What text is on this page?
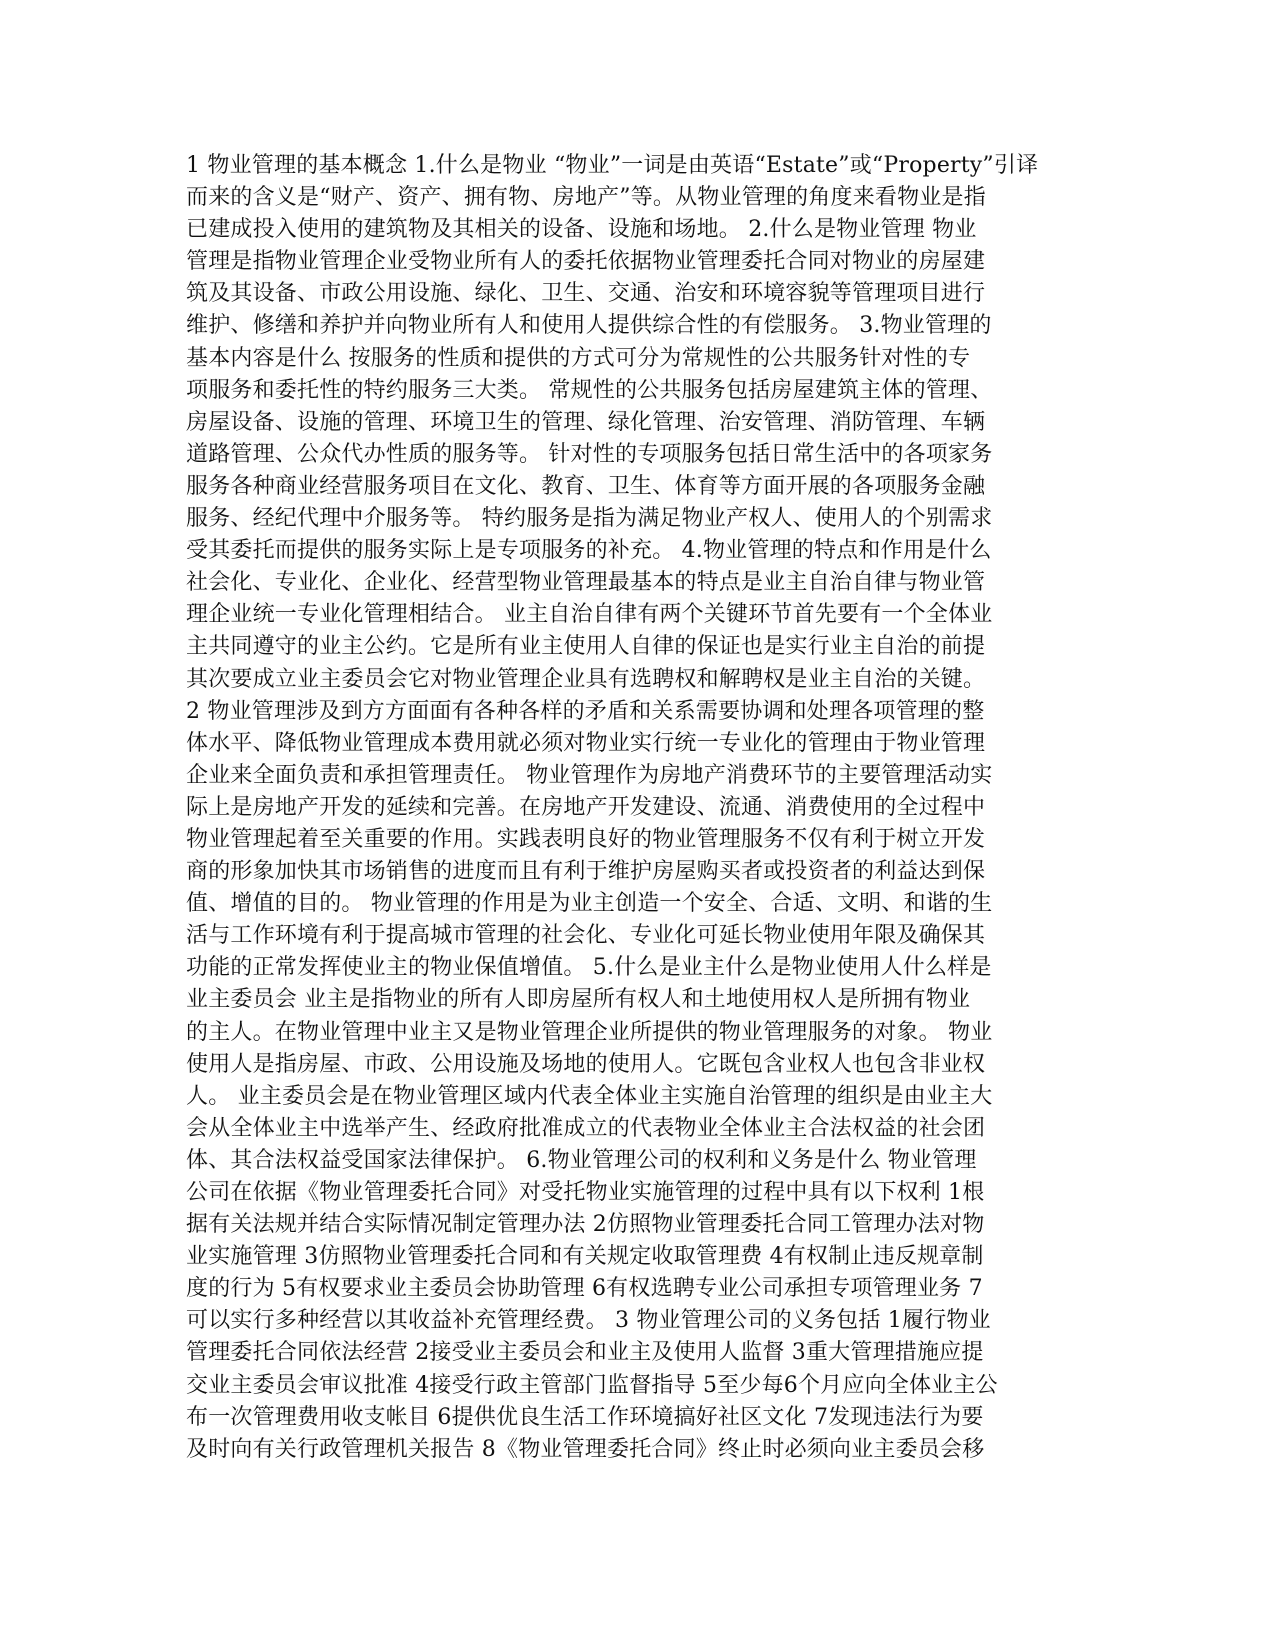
1 物业管理的基本概念 1.什么是物业 “物业”一词是由英语“Estate”或“Property”引译
而来的含义是“财产、资产、拥有物、房地产”等。从物业管理的角度来看物业是指
已建成投入使用的建筑物及其相关的设备、设施和场地。 2.什么是物业管理 物业
管理是指物业管理企业受物业所有人的委托依据物业管理委托合同对物业的房屋建
筑及其设备、市政公用设施、绿化、卫生、交通、治安和环境容貌等管理项目进行
维护、修缮和养护并向物业所有人和使用人提供综合性的有偿服务。 3.物业管理的
基本内容是什么 按服务的性质和提供的方式可分为常规性的公共服务针对性的专
项服务和委托性的特约服务三大类。 常规性的公共服务包括房屋建筑主体的管理、
房屋设备、设施的管理、环境卫生的管理、绿化管理、治安管理、消防管理、车辆
道路管理、公众代办性质的服务等。 针对性的专项服务包括日常生活中的各项家务
服务各种商业经营服务项目在文化、教育、卫生、体育等方面开展的各项服务金融
服务、经纪代理中介服务等。 特约服务是指为满足物业产权人、使用人的个别需求
受其委托而提供的服务实际上是专项服务的补充。 4.物业管理的特点和作用是什么
社会化、专业化、企业化、经营型物业管理最基本的特点是业主自治自律与物业管
理企业统一专业化管理相结合。 业主自治自律有两个关键环节首先要有一个全体业
主共同遵守的业主公约。它是所有业主使用人自律的保证也是实行业主自治的前提
其次要成立业主委员会它对物业管理企业具有选聘权和解聘权是业主自治的关键。
2 物业管理涉及到方方面面有各种各样的矛盾和关系需要协调和处理各项管理的整
体水平、降低物业管理成本费用就必须对物业实行统一专业化的管理由于物业管理
企业来全面负责和承担管理责任。 物业管理作为房地产消费环节的主要管理活动实
际上是房地产开发的延续和完善。在房地产开发建设、流通、消费使用的全过程中
物业管理起着至关重要的作用。实践表明良好的物业管理服务不仅有利于树立开发
商的形象加快其市场销售的进度而且有利于维护房屋购买者或投资者的利益达到保
值、增值的目的。 物业管理的作用是为业主创造一个安全、合适、文明、和谐的生
活与工作环境有利于提高城市管理的社会化、专业化可延长物业使用年限及确保其
功能的正常发挥使业主的物业保值增值。 5.什么是业主什么是物业使用人什么样是
业主委员会 业主是指物业的所有人即房屋所有权人和土地使用权人是所拥有物业
的主人。在物业管理中业主又是物业管理企业所提供的物业管理服务的对象。 物业
使用人是指房屋、市政、公用设施及场地的使用人。它既包含业权人也包含非业权
人。 业主委员会是在物业管理区域内代表全体业主实施自治管理的组织是由业主大
会从全体业主中选举产生、经政府批准成立的代表物业全体业主合法权益的社会团
体、其合法权益受国家法律保护。 6.物业管理公司的权利和义务是什么 物业管理
公司在依据《物业管理委托合同》对受托物业实施管理的过程中具有以下权利 1根
据有关法规并结合实际情况制定管理办法 2仿照物业管理委托合同工管理办法对物
业实施管理 3仿照物业管理委托合同和有关规定收取管理费 4有权制止违反规章制
度的行为 5有权要求业主委员会协助管理 6有权选聘专业公司承担专项管理业务 7
可以实行多种经营以其收益补充管理经费。 3 物业管理公司的义务包括 1履行物业
管理委托合同依法经营 2接受业主委员会和业主及使用人监督 3重大管理措施应提
交业主委员会审议批准 4接受行政主管部门监督指导 5至少每6个月应向全体业主公
布一次管理费用收支帐目 6提供优良生活工作环境搞好社区文化 7发现违法行为要
及时向有关行政管理机关报告 8《物业管理委托合同》终止时必须向业主委员会移
